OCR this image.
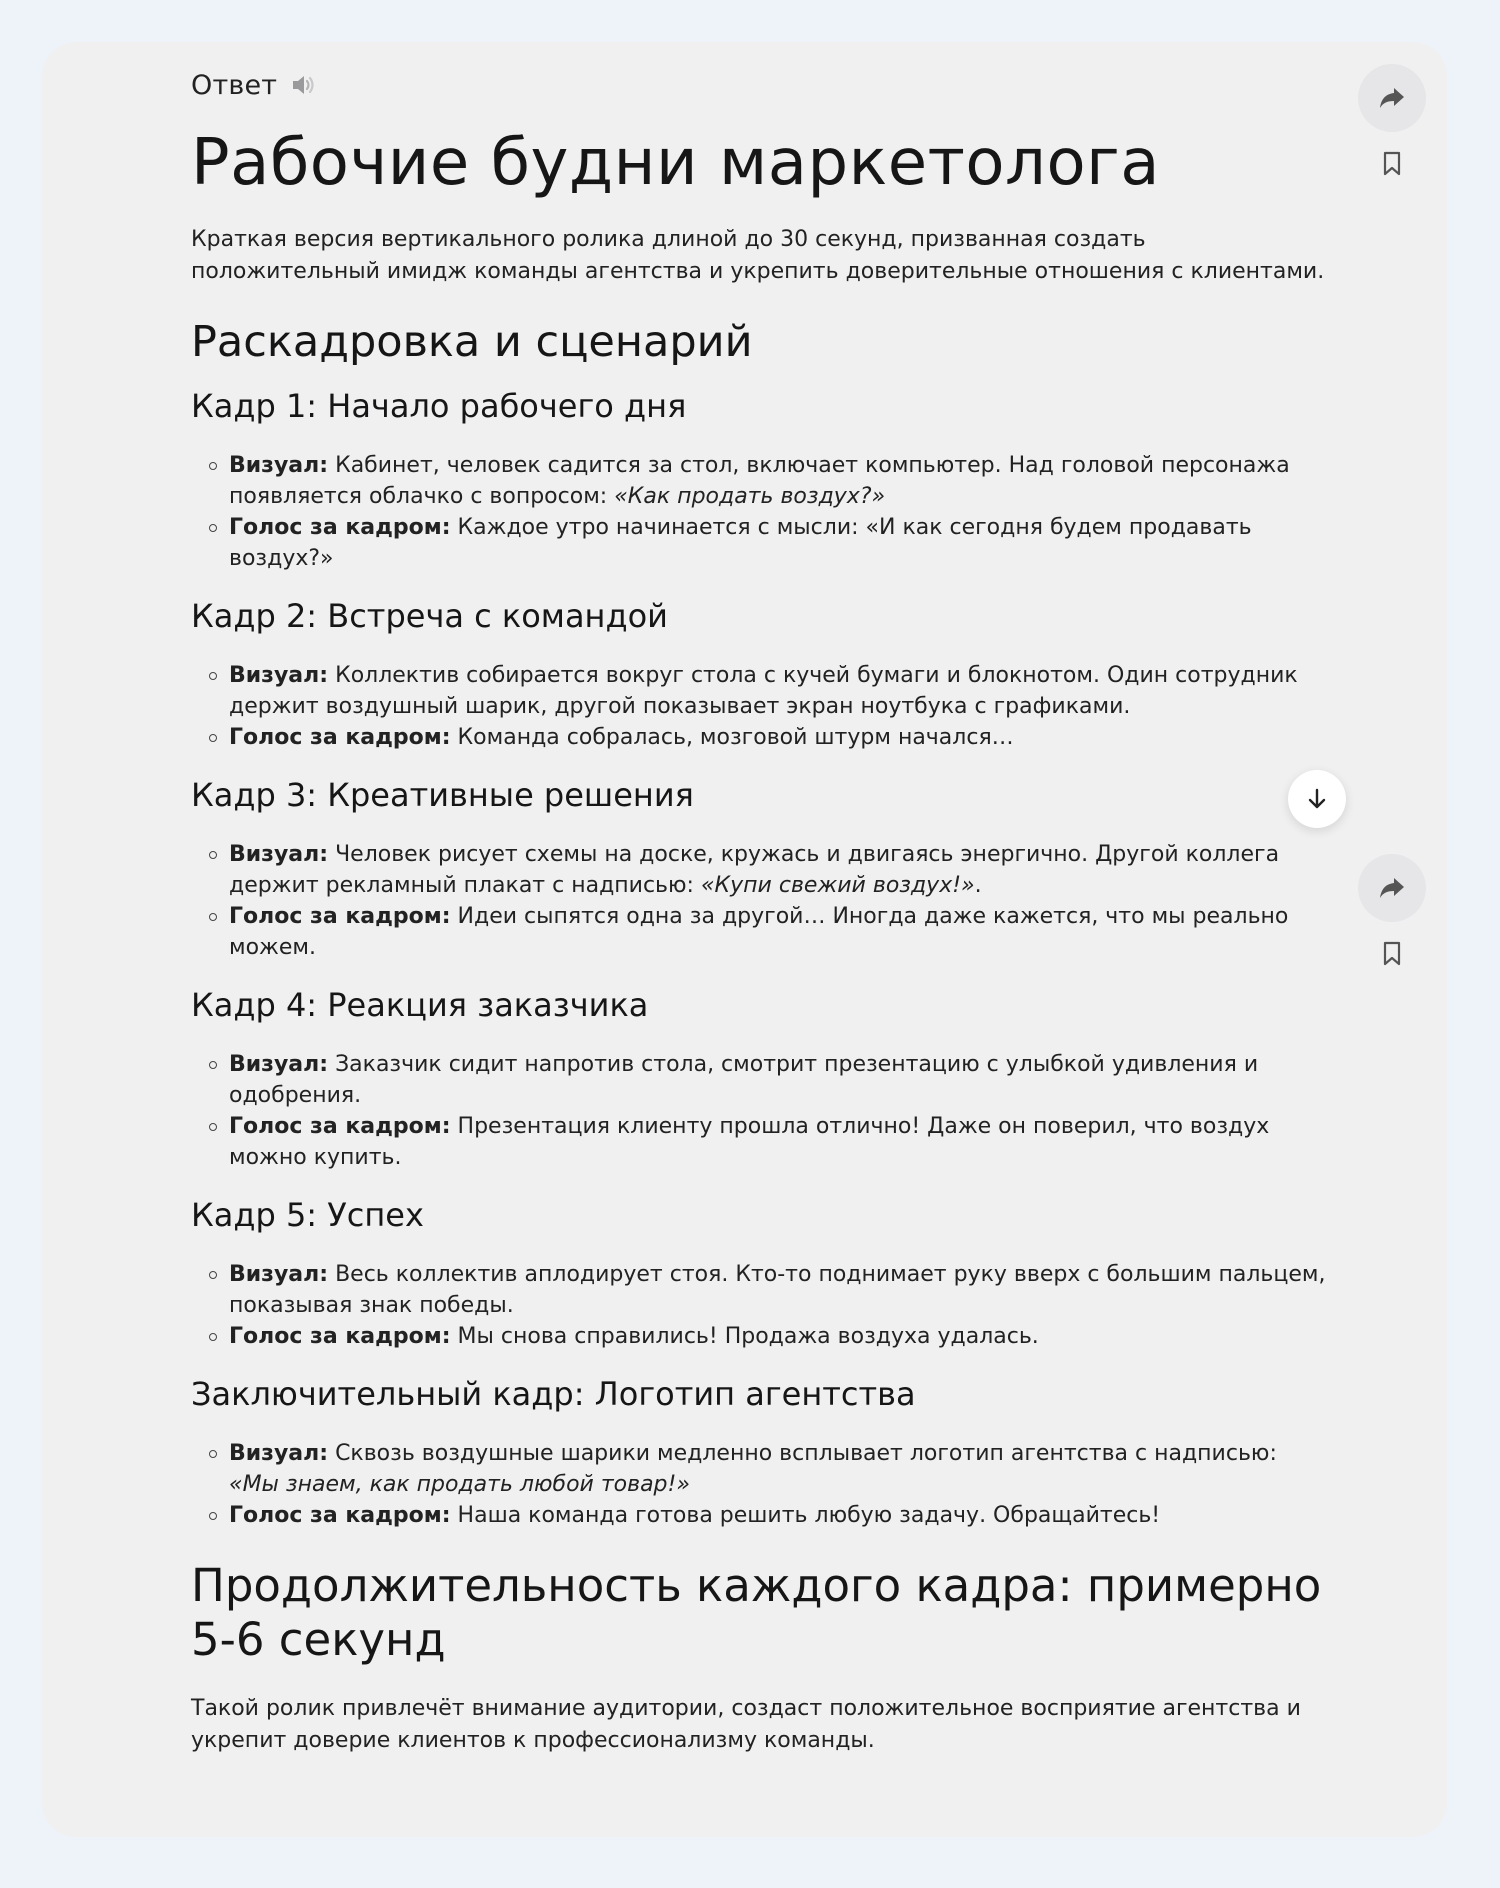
Ответ
Рабочие будни маркетолога

Краткая версия вертикального ролика длиной до 30 секунд, призванная создать положительный имидж команды агентства и укрепить доверительные отношения с клиентами.

Раскадровка и сценарий
Кадр 1: Начало рабочего дня
Визуал: Кабинет, человек садится за стол, включает компьютер. Над головой персонажа появляется облачко с вопросом: «Как продать воздух?»
Голос за кадром: Каждое утро начинается с мысли: «И как сегодня будем продавать воздух?»
Кадр 2: Встреча с командой
Визуал: Коллектив собирается вокруг стола с кучей бумаги и блокнотом. Один сотрудник держит воздушный шарик, другой показывает экран ноутбука с графиками.
Голос за кадром: Команда собралась, мозговой штурм начался…
Кадр 3: Креативные решения
Визуал: Человек рисует схемы на доске, кружась и двигаясь энергично. Другой коллега держит рекламный плакат с надписью: «Купи свежий воздух!».
Голос за кадром: Идеи сыпятся одна за другой… Иногда даже кажется, что мы реально можем.
Кадр 4: Реакция заказчика
Визуал: Заказчик сидит напротив стола, смотрит презентацию с улыбкой удивления и одобрения.
Голос за кадром: Презентация клиенту прошла отлично! Даже он поверил, что воздух можно купить.
Кадр 5: Успех
Визуал: Весь коллектив аплодирует стоя. Кто-то поднимает руку вверх с большим пальцем, показывая знак победы.
Голос за кадром: Мы снова справились! Продажа воздуха удалась.
Заключительный кадр: Логотип агентства
Визуал: Сквозь воздушные шарики медленно всплывает логотип агентства с надписью: «Мы знаем, как продать любой товар!»
Голос за кадром: Наша команда готова решить любую задачу. Обращайтесь!
Продолжительность каждого кадра: примерно 5-6 секунд

Такой ролик привлечёт внимание аудитории, создаст положительное восприятие агентства и укрепит доверие клиентов к профессионализму команды.
